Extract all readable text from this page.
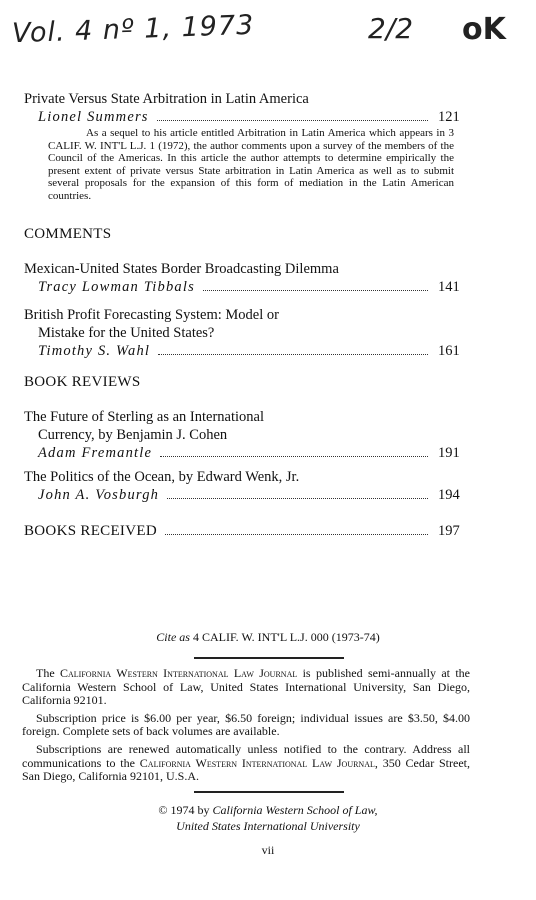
Vol. 4 nº 1, 1973	2/2 oK
Private Versus State Arbitration in Latin America
Lionel Summers	121
As a sequel to his article entitled Arbitration in Latin America which appears in 3 CALIF. W. INT'L L.J. 1 (1972), the author comments upon a survey of the members of the Council of the Americas. In this article the author attempts to determine empirically the present extent of private versus State arbitration in Latin America as well as to submit several proposals for the expansion of this form of mediation in the Latin American countries.
COMMENTS
Mexican-United States Border Broadcasting Dilemma
Tracy Lowman Tibbals	141
British Profit Forecasting System: Model or
Mistake for the United States?
Timothy S. Wahl	161
BOOK REVIEWS
The Future of Sterling as an International
Currency, by Benjamin J. Cohen
Adam Fremantle	191
The Politics of the Ocean, by Edward Wenk, Jr.
John A. Vosburgh	194
BOOKS RECEIVED	197
Cite as 4 CALIF. W. INT'L L.J. 000 (1973-74)

The California Western International Law Journal is published semi-annually at the California Western School of Law, United States International University, San Diego, California 92101.

Subscription price is $6.00 per year, $6.50 foreign; individual issues are $3.50, $4.00 foreign. Complete sets of back volumes are available.

Subscriptions are renewed automatically unless notified to the contrary. Address all communications to the California Western International Law Journal, 350 Cedar Street, San Diego, California 92101, U.S.A.

© 1974 by California Western School of Law,
United States International University
vii
